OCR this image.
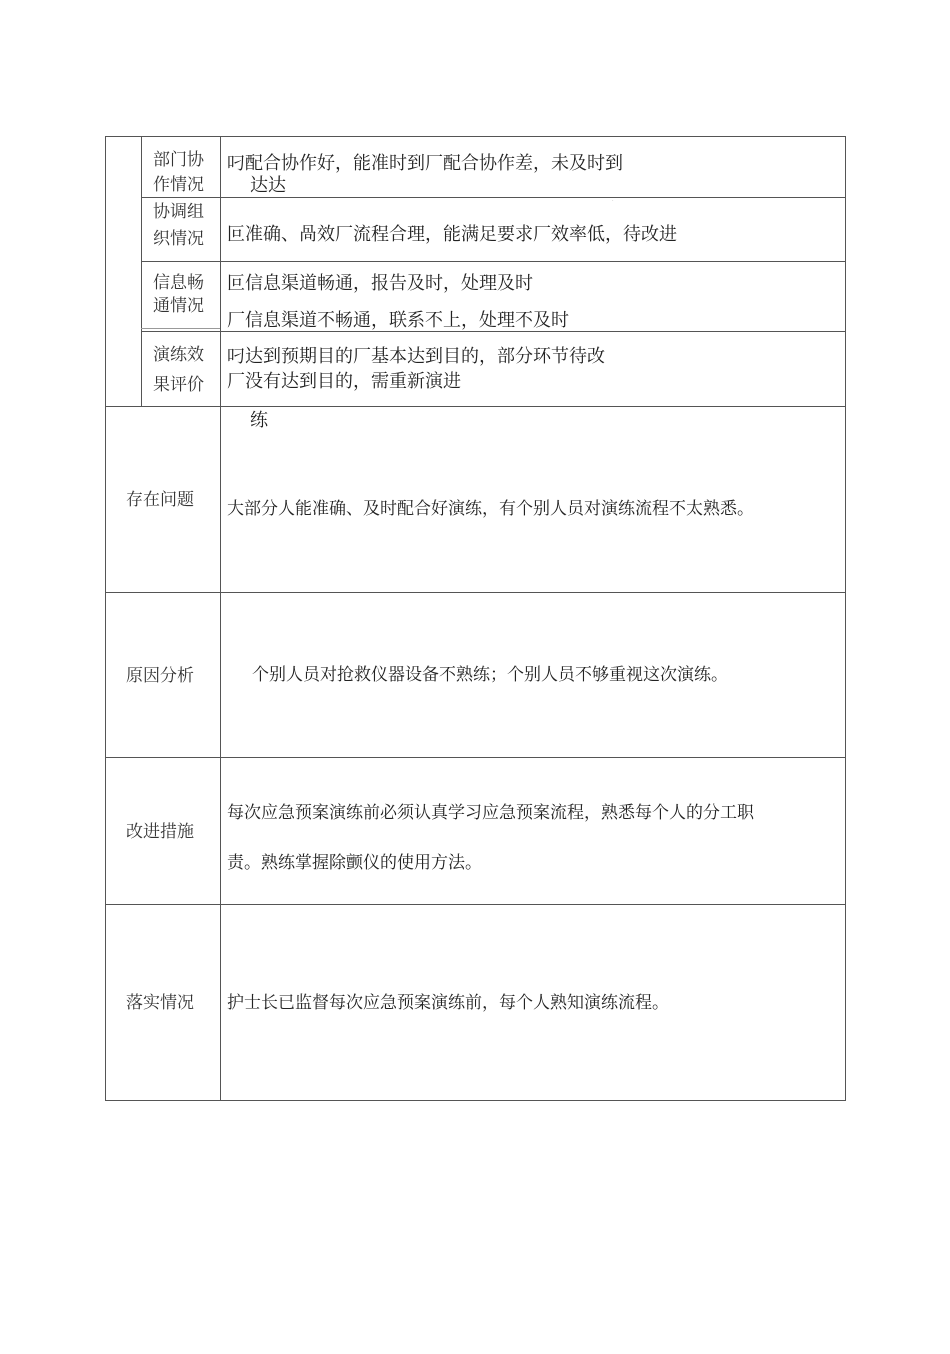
部门协
作情况
叼配合协作好，能准时到厂配合协作差，未及时到
达达
协调组
织情况 叵准确、咼效厂流程合理，能满足要求厂效率低，待改进
·
信息畅
通情况
叵信息渠道畅通，报告及时，处理及时
厂信息渠道不畅通，联系不上，处理不及时
演练效
果评价
叼达到预期目的厂基本达到目的，部分环节待改
厂没有达到目的，需重新演进
练
存在问题 大部分人能准确、及时配合好演练，有个别人员对演练流程不太熟悉。
原因分析	个别人员对抢救仪器设备不熟练；个别人员不够重视这次演练。
改进措施
每次应急预案演练前必须认真学习应急预案流程，熟悉每个人的分工职
责。熟练掌握除颤仪的使用方法。
落实情况 护士长已监督每次应急预案演练前，每个人熟知演练流程。
